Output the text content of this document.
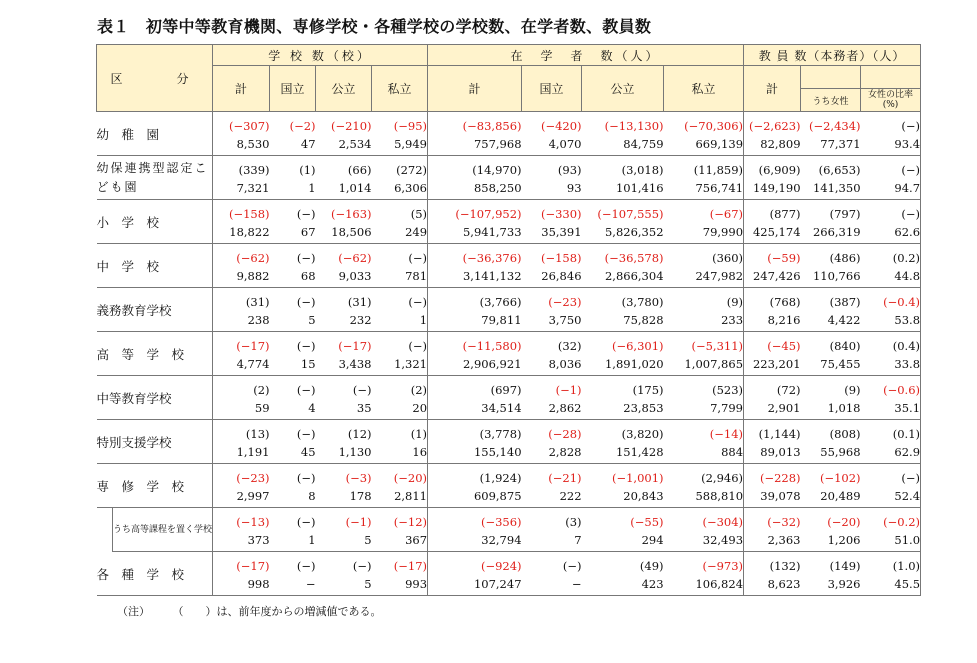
表１　初等中等教育機関、専修学校・各種学校の学校数、在学者数、教員数
区　　分		学 校 数（校）				在　学　者　数（人）				教 員 数（本務者）（人）		
		計	国立	公立	私立	計	国立	公立	私立	計		
											うち女性	女性の比率(%)
幼　稚　園		(−307)	(−2)	(−210)	(−95)	(−83,856)	(−420)	(−13,130)	(−70,306)	(−2,623)	(−2,434)	(−)
		8,530	47	2,534	5,949	757,968	4,070	84,759	669,139	82,809	77,371	93.4
幼保連携型認定こども園		(339)	(1)	(66)	(272)	(14,970)	(93)	(3,018)	(11,859)	(6,909)	(6,653)	(−)
		7,321	1	1,014	6,306	858,250	93	101,416	756,741	149,190	141,350	94.7
小　学　校		(−158)	(−)	(−163)	(5)	(−107,952)	(−330)	(−107,555)	(−67)	(877)	(797)	(−)
		18,822	67	18,506	249	5,941,733	35,391	5,826,352	79,990	425,174	266,319	62.6
中　学　校		(−62)	(−)	(−62)	(−)	(−36,376)	(−158)	(−36,578)	(360)	(−59)	(486)	(0.2)
		9,882	68	9,033	781	3,141,132	26,846	2,866,304	247,982	247,426	110,766	44.8
義務教育学校		(31)	(−)	(31)	(−)	(3,766)	(−23)	(3,780)	(9)	(768)	(387)	(−0.4)
		238	5	232	1	79,811	3,750	75,828	233	8,216	4,422	53.8
高　等　学　校		(−17)	(−)	(−17)	(−)	(−11,580)	(32)	(−6,301)	(−5,311)	(−45)	(840)	(0.4)
		4,774	15	3,438	1,321	2,906,921	8,036	1,891,020	1,007,865	223,201	75,455	33.8
中等教育学校		(2)	(−)	(−)	(2)	(697)	(−1)	(175)	(523)	(72)	(9)	(−0.6)
		59	4	35	20	34,514	2,862	23,853	7,799	2,901	1,018	35.1
特別支援学校		(13)	(−)	(12)	(1)	(3,778)	(−28)	(3,820)	(−14)	(1,144)	(808)	(0.1)
		1,191	45	1,130	16	155,140	2,828	151,428	884	89,013	55,968	62.9
専　修　学　校		(−23)	(−)	(−3)	(−20)	(1,924)	(−21)	(−1,001)	(2,946)	(−228)	(−102)	(−)
		2,997	8	178	2,811	609,875	222	20,843	588,810	39,078	20,489	52.4
	うち高等課程を置く学校	(−13)	(−)	(−1)	(−12)	(−356)	(3)	(−55)	(−304)	(−32)	(−20)	(−0.2)
		373	1	5	367	32,794	7	294	32,493	2,363	1,206	51.0
各　種　学　校		(−17)	(−)	(−)	(−17)	(−924)	(−)	(49)	(−973)	(132)	(149)	(1.0)
		998	−	5	993	107,247	−	423	106,824	8,623	3,926	45.5
（注）	（　　）は、前年度からの増減値である。
